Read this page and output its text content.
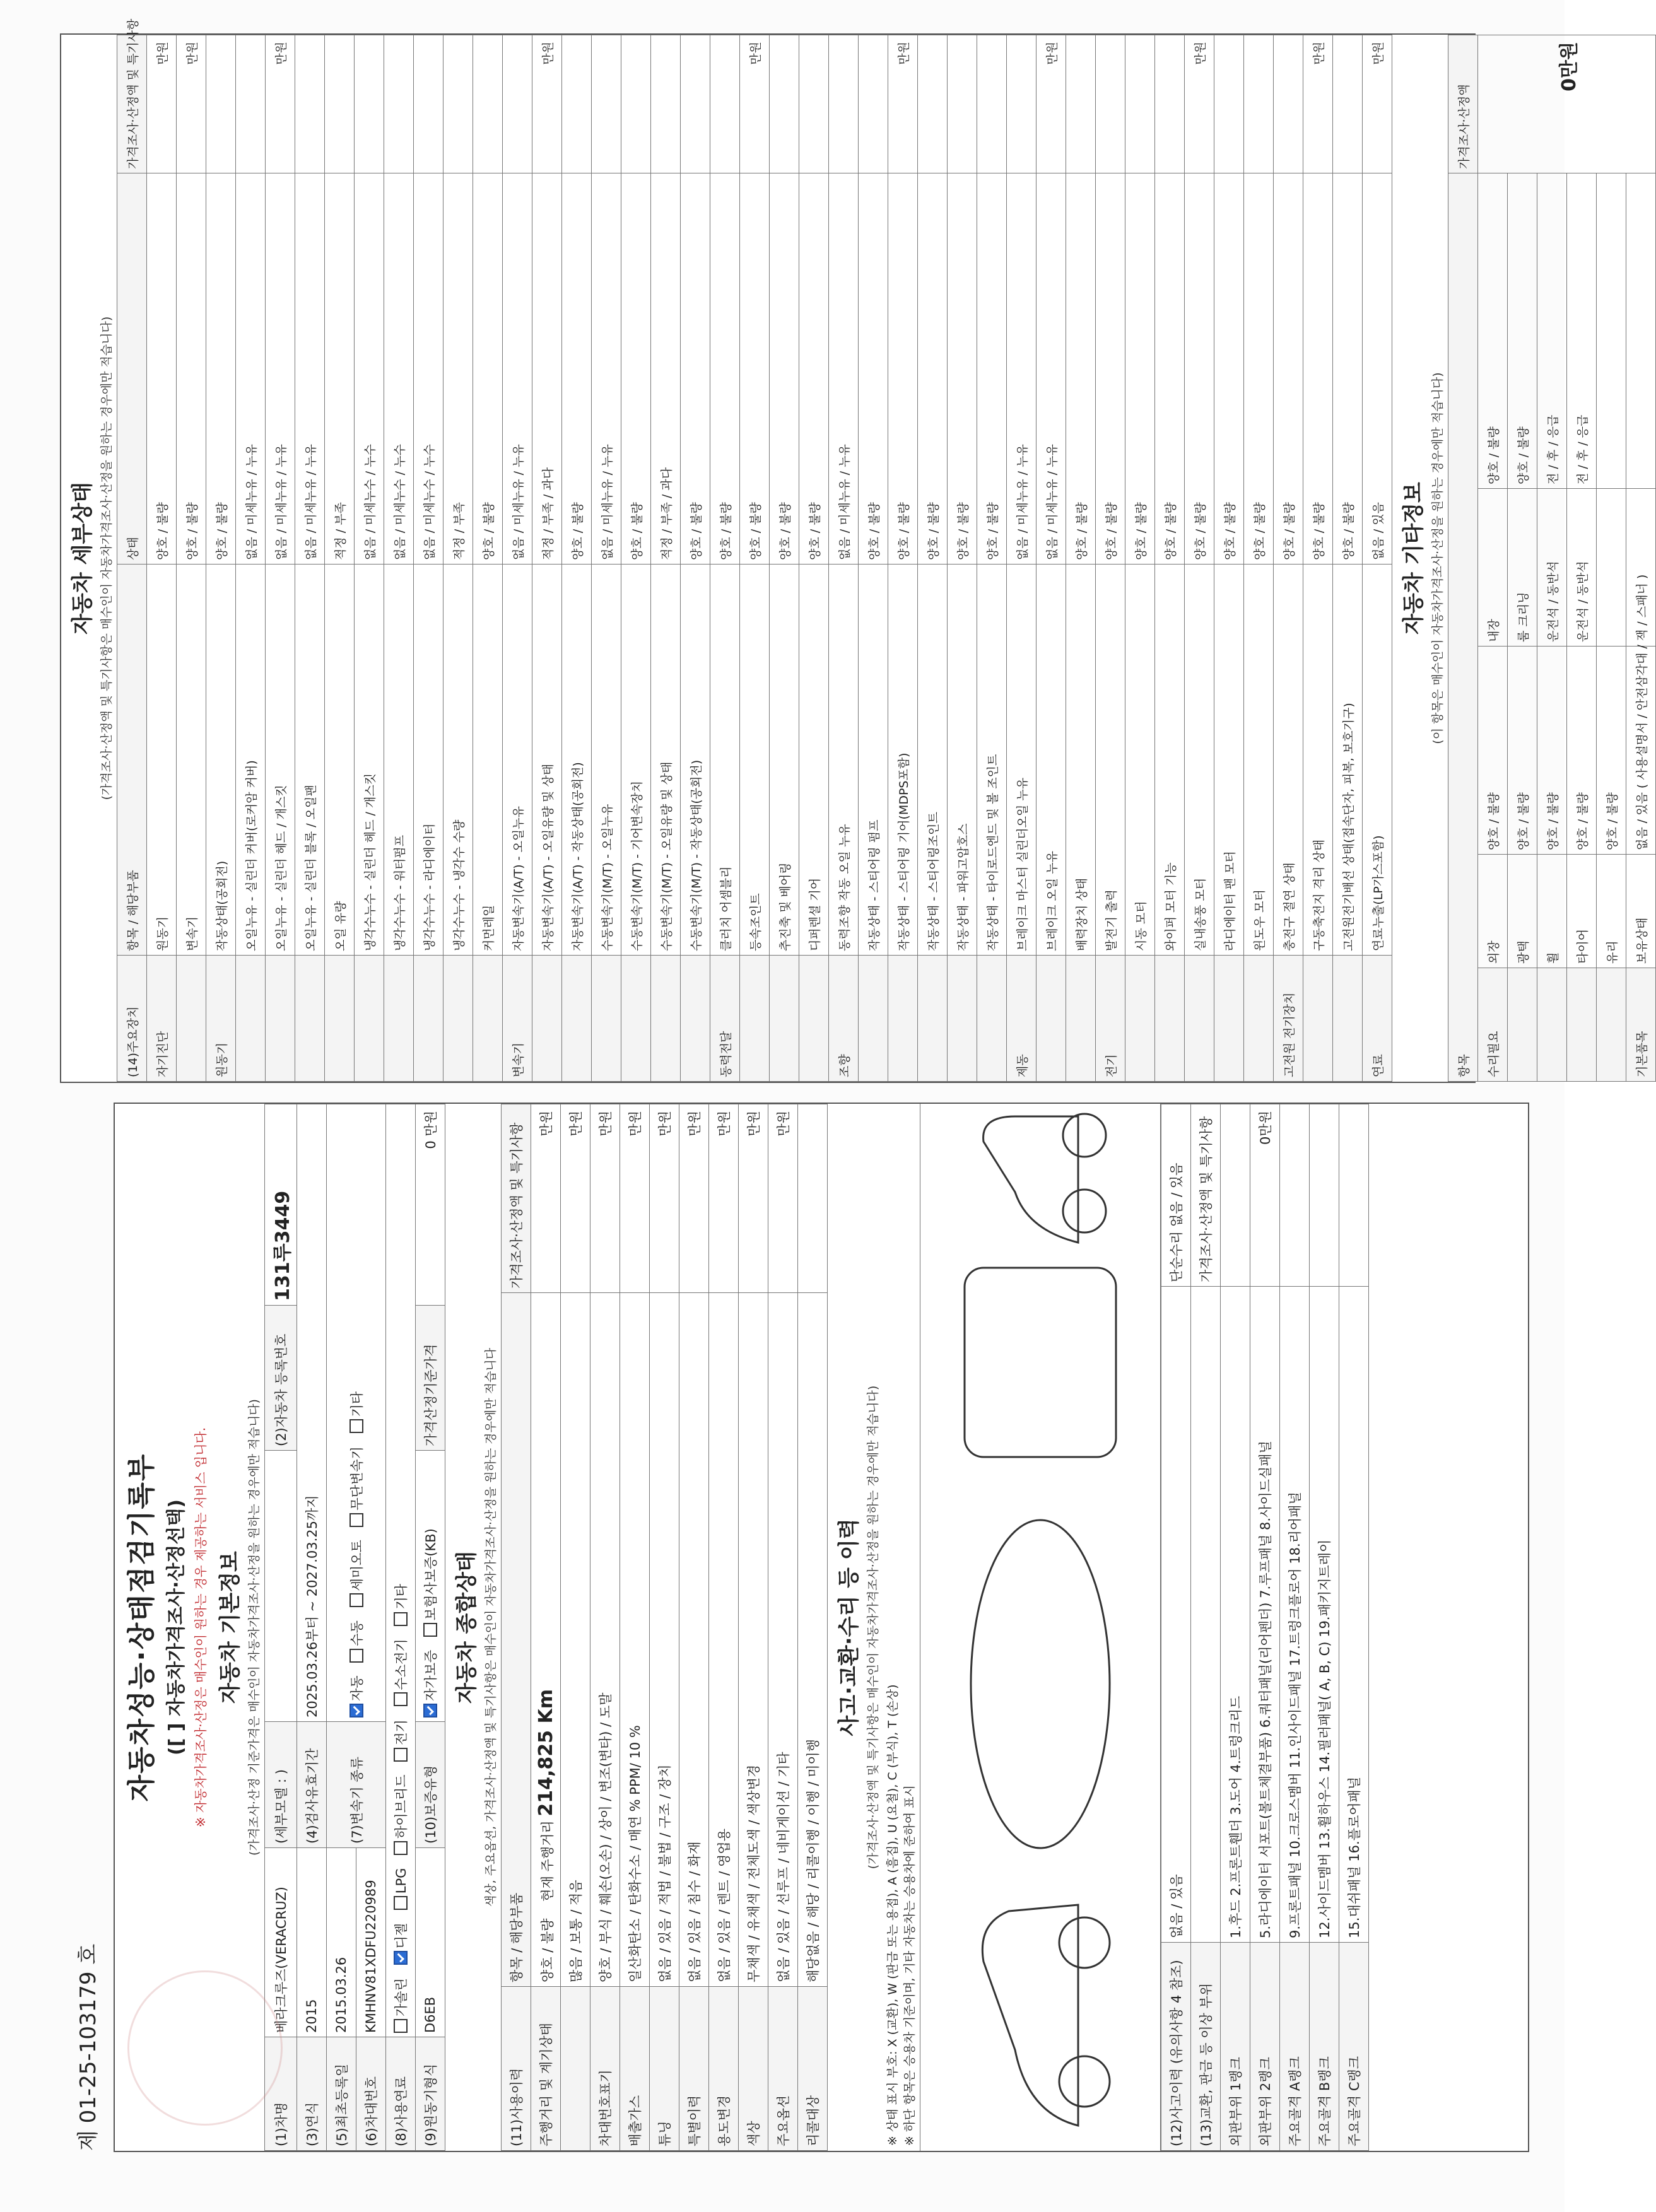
제 01-25-103179 호
자동차성능·상태점검기록부 ([ ] 자동차가격조사·산정선택) ※ 자동차가격조사·산정은 매수인이 원하는 경우 제공하는 서비스 입니다. 자동차 기본정보 (가격조사·산정 기준가격은 매수인이 자동차가격조사·산정을 원하는 경우에만 적습니다)
(1)차명	베라크루즈(VERACRUZ)	(세부모델 : )		(2)자동차 등록번호	131루3449
(3)연식	2015	(4)검사유효기간	2025.03.26부터 ~ 2027.03.25까지		
(5)최초등록일	2015.03.26	(7)변속기 종류	자동 수동 세미오토 무단변속기 기타		
(6)차대번호	KMHNV81XDFU220989				
(8)사용연료	가솔린 디젤 LPG 하이브리드 전기 수소전기 기타				
(9)원동기형식	D6EB	(10)보증유형	자가보증 보험사보증(KB)	가격산정기준가격	0 만원
자동차 종합상태 색상, 주요옵션, 가격조사·산정액 및 특기사항은 매수인이 자동차가격조사·산정을 원하는 경우에만 적습니다
(11)사용이력	항목 / 해당부품	가격조사·산정액 및 특기사항
주행거리 및 계기상태	양호 / 불량    현재 주행거리 214,825 Km	만원
	많음 / 보통 / 적음	만원
차대번호표기	양호 / 부식 / 훼손(오손) / 상이 / 변조(변타) / 도말	만원
배출가스	일산화탄소 / 탄화수소 / 매연 % PPM/ 10 %	만원
튜닝	없음 / 있음 / 적법 / 불법 / 구조 / 장치	만원
특별이력	없음 / 있음 / 침수 / 화재	만원
용도변경	없음 / 있음 / 렌트 / 영업용	만원
색상	무채색 / 유채색 / 전체도색 / 색상변경	만원
주요옵션	없음 / 있음 / 선루프 / 네비게이션 / 기타	만원
리콜대상	해당없음 / 해당 / 리콜이행 / 이행 / 미이행	
사고·교환·수리 등 이력 (가격조사·산정액 및 특기사항은 매수인이 자동차가격조사·산정을 원하는 경우에만 적습니다)
※ 상태 표시 부호: X (교환), W (판금 또는 용접), A (흠집), U (요철), C (부식), T (손상) ※ 하단 항목은 승용차 기준이며, 기타 자동차는 승용차에 준하여 표시	(12)사고이력 (유의사항 4 참조)	없음 / 있음	단순수리 없음 / 있음
(13)교환, 판금 등 이상 부위		가격조사·산정액 및 특기사항
외판부위 1랭크	1.후드 2.프론트휀더 3.도어 4.트렁크리드	
외판부위 2랭크	5.라디에이터 서포트(볼트체결부품) 6.쿼터패널(리어펜더) 7.루프패널 8.사이드실패널	0만원
주요골격 A랭크	9.프론트패널 10.크로스멤버 11.인사이드패널 17.트렁크플로어 18.리어패널	
주요골격 B랭크	12.사이드멤버 13.휠하우스 14.필러패널( A, B, C) 19.패키지트레이	
주요골격 C랭크	15.대쉬패널 16.플로어패널	
자동차 세부상태 (가격조사·산정액 및 특기사항은 매수인이 자동차가격조사·산정을 원하는 경우에만 적습니다)
(14)주요장치	항목 / 해당부품	상태	가격조사·산정액 및 특기사항
자기진단	원동기	양호 / 불량	만원
	변속기	양호 / 불량	만원
원동기	작동상태(공회전)	양호 / 불량	
	오일누유 - 실린더 커버(로커암 커버)	없음 / 미세누유 / 누유	
	오일누유 - 실린더 헤드 / 개스킷	없음 / 미세누유 / 누유	만원
	오일누유 - 실린더 블록 / 오일팬	없음 / 미세누유 / 누유	
	오일 유량	적정 / 부족	
	냉각수누수 - 실린더 헤드 / 개스킷	없음 / 미세누수 / 누수	
	냉각수누수 - 워터펌프	없음 / 미세누수 / 누수	
	냉각수누수 - 라디에이터	없음 / 미세누수 / 누수	
	냉각수누수 - 냉각수 수량	적정 / 부족	
	커먼레일	양호 / 불량	
변속기	자동변속기(A/T) - 오일누유	없음 / 미세누유 / 누유	
	자동변속기(A/T) - 오일유량 및 상태	적정 / 부족 / 과다	만원
	자동변속기(A/T) - 작동상태(공회전)	양호 / 불량	
	수동변속기(M/T) - 오일누유	없음 / 미세누유 / 누유	
	수동변속기(M/T) - 기어변속장치	양호 / 불량	
	수동변속기(M/T) - 오일유량 및 상태	적정 / 부족 / 과다	
	수동변속기(M/T) - 작동상태(공회전)	양호 / 불량	
동력전달	클러치 어셈블리	양호 / 불량	
	등속조인트	양호 / 불량	만원
	추진축 및 베어링	양호 / 불량	
	디퍼렌셜 기어	양호 / 불량	
조향	동력조향 작동 오일 누유	없음 / 미세누유 / 누유	
	작동상태 - 스티어링 펌프	양호 / 불량	
	작동상태 - 스티어링 기어(MDPS포함)	양호 / 불량	만원
	작동상태 - 스티어링조인트	양호 / 불량	
	작동상태 - 파워고압호스	양호 / 불량	
	작동상태 - 타이로드엔드 및 볼 조인트	양호 / 불량	
제동	브레이크 마스터 실린더오일 누유	없음 / 미세누유 / 누유	
	브레이크 오일 누유	없음 / 미세누유 / 누유	만원
	배력장치 상태	양호 / 불량	
전기	발전기 출력	양호 / 불량	
	시동 모터	양호 / 불량	
	와이퍼 모터 기능	양호 / 불량	
	실내송풍 모터	양호 / 불량	만원
	라디에이터 팬 모터	양호 / 불량	
	윈도우 모터	양호 / 불량	
고전원 전기장치	충전구 절연 상태	양호 / 불량	
	구동축전지 격리 상태	양호 / 불량	만원
	고전원전기배선 상태(접속단자, 피복, 보호기구)	양호 / 불량	
연료	연료누출(LP가스포함)	없음 / 있음	만원
자동차 기타정보 (이 항목은 매수인이 자동차가격조사·산정을 원하는 경우에만 적습니다)
항목					가격조사·산정액
수리필요	외장	양호 / 불량	내장	양호 / 불량	0만원
	광택	양호 / 불량	룸 크리닝	양호 / 불량	
	휠	양호 / 불량	운전석 / 동반석	전 / 후 / 응급	
	타이어	양호 / 불량	운전석 / 동반석	전 / 후 / 응급	
	유리	양호 / 불량			
기본품목	보유상태	없음 / 있음 ( 사용설명서 / 안전삼각대 / 잭 / 스패너 )			
